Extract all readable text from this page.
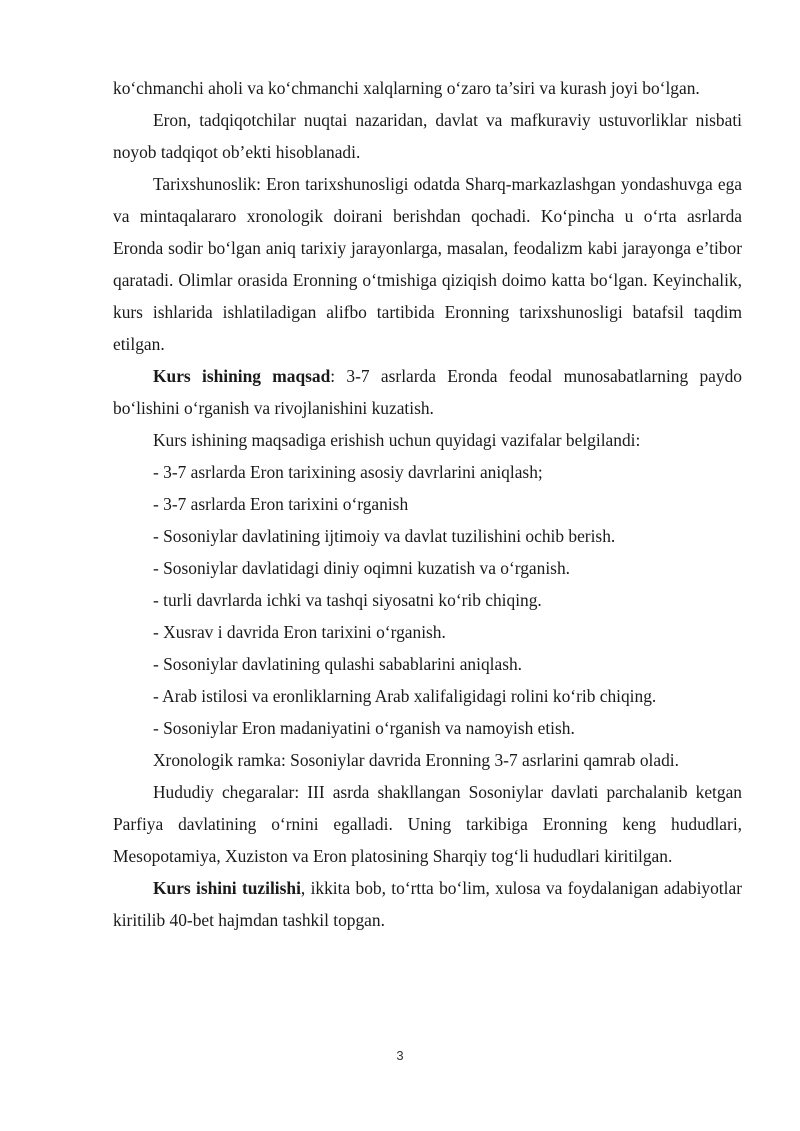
ko‘chmanchi aholi va ko‘chmanchi xalqlarning o‘zaro ta’siri va kurash joyi bo‘lgan.

Eron, tadqiqotchilar nuqtai nazaridan, davlat va mafkuraviy ustuvorliklar nisbati noyob tadqiqot ob’ekti hisoblanadi.

Tarixshunoslik: Eron tarixshunosligi odatda Sharq-markazlashgan yondashuvga ega va mintaqalararo xronologik doirani berishdan qochadi. Ko‘pincha u o‘rta asrlarda Eronda sodir bo‘lgan aniq tarixiy jarayonlarga, masalan, feodalizm kabi jarayonga e’tibor qaratadi. Olimlar orasida Eronning o‘tmishiga qiziqish doimo katta bo‘lgan. Keyinchalik, kurs ishlarida ishlatiladigan alifbo tartibida Eronning tarixshunosligi batafsil taqdim etilgan.

Kurs ishining maqsad: 3-7 asrlarda Eronda feodal munosabatlarning paydo bo‘lishini o‘rganish va rivojlanishini kuzatish.

Kurs ishining maqsadiga erishish uchun quyidagi vazifalar belgilandi:

- 3-7 asrlarda Eron tarixining asosiy davrlarini aniqlash;

- 3-7 asrlarda Eron tarixini o‘rganish

- Sosoniylar davlatining ijtimoiy va davlat tuzilishini ochib berish.

- Sosoniylar davlatidagi diniy oqimni kuzatish va o‘rganish.

- turli davrlarda ichki va tashqi siyosatni ko‘rib chiqing.

- Xusrav i davrida Eron tarixini o‘rganish.

- Sosoniylar davlatining qulashi sabablarini aniqlash.

- Arab istilosi va eronliklarning Arab xalifaligidagi rolini ko‘rib chiqing.

- Sosoniylar Eron madaniyatini o‘rganish va namoyish etish.

Xronologik ramka: Sosoniylar davrida Eronning 3-7 asrlarini qamrab oladi.

Hududiy chegaralar: III asrda shakllangan Sosoniylar davlati parchalanib ketgan Parfiya davlatining o‘rnini egalladi. Uning tarkibiga Eronning keng hududlari, Mesopotamiya, Xuziston va Eron platosining Sharqiy tog‘li hududlari kiritilgan.

Kurs ishini tuzilishi, ikkita bob, to‘rtta bo‘lim, xulosa va foydalanigan adabiyotlar kiritilib 40-bet hajmdan tashkil topgan.

3
